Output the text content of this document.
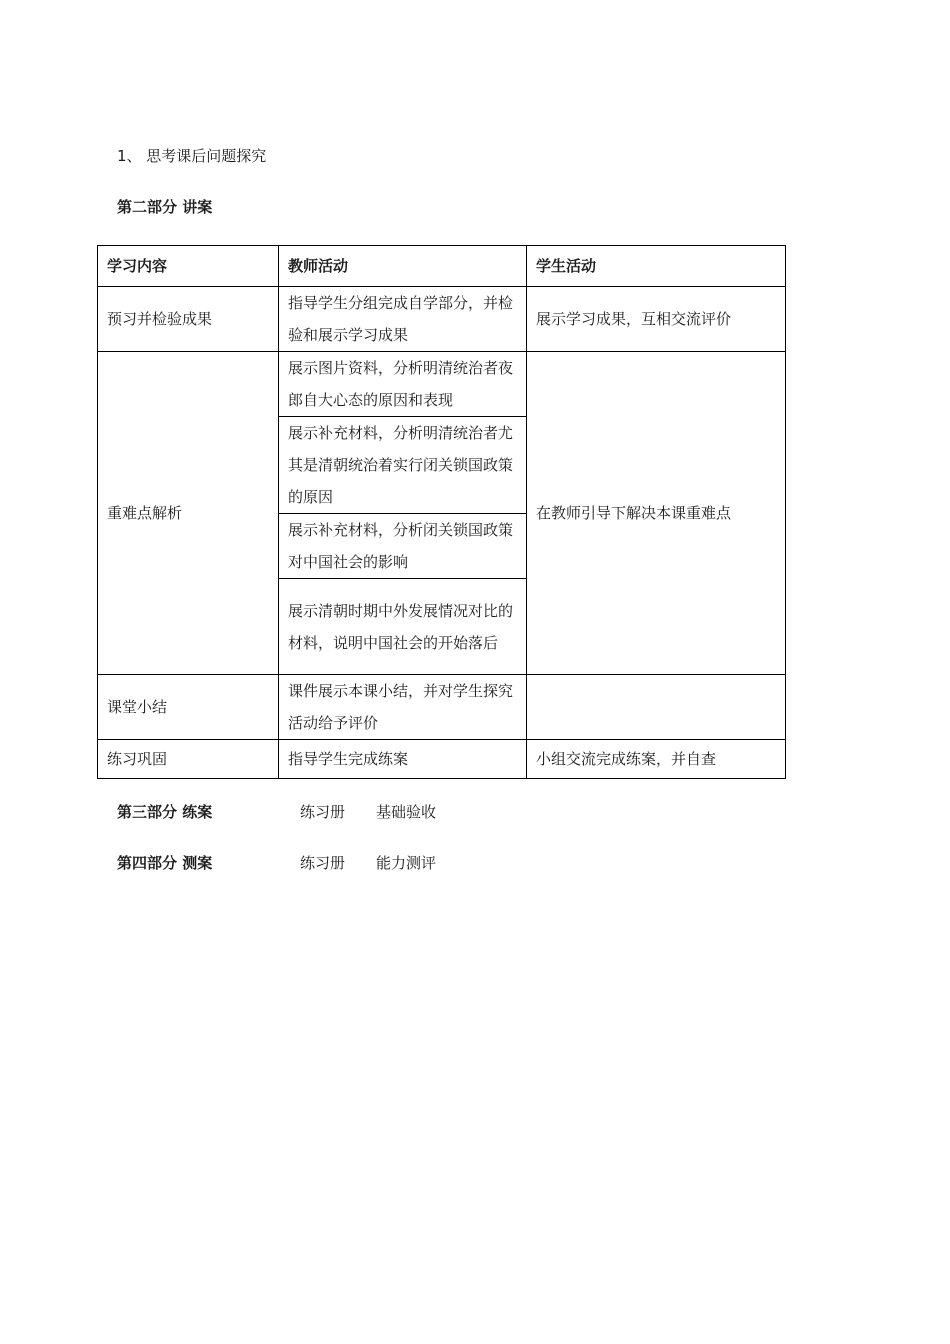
1、 思考课后问题探究
第二部分 讲案
学习内容	教师活动	学生活动
预习并检验成果	指导学生分组完成自学部分，并检验和展示学习成果	展示学习成果，互相交流评价
重难点解析	展示图片资料，分析明清统治者夜郎自大心态的原因和表现	在教师引导下解决本课重难点
	展示补充材料，分析明清统治者尤其是清朝统治着实行闭关锁国政策的原因	
	展示补充材料，分析闭关锁国政策对中国社会的影响	
	展示清朝时期中外发展情况对比的材料，说明中国社会的开始落后	
课堂小结	课件展示本课小结，并对学生探究活动给予评价	
练习巩固	指导学生完成练案	小组交流完成练案，并自查
第三部分 练案	练习册 基础验收
第四部分 测案	练习册 能力测评
